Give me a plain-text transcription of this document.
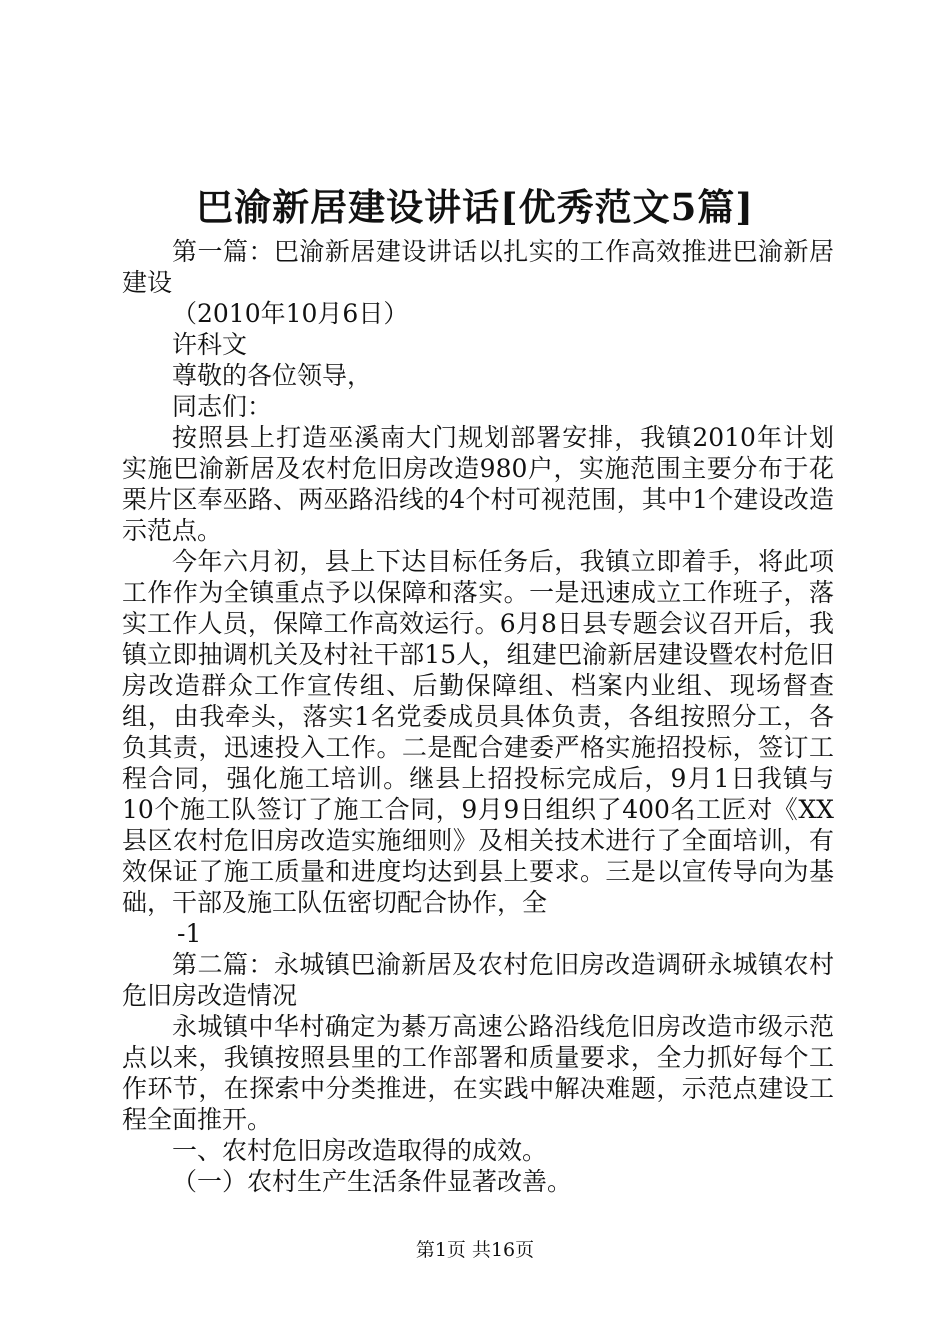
巴渝新居建设讲话[优秀范文5篇]

第一篇：巴渝新居建设讲话以扎实的工作高效推进巴渝新居建设

（2010年10月6日）

许科文

尊敬的各位领导，

同志们：

按照县上打造巫溪南大门规划部署安排，我镇2010年计划实施巴渝新居及农村危旧房改造980户，实施范围主要分布于花栗片区奉巫路、两巫路沿线的4个村可视范围，其中1个建设改造示范点。

今年六月初，县上下达目标任务后，我镇立即着手，将此项工作作为全镇重点予以保障和落实。一是迅速成立工作班子，落实工作人员，保障工作高效运行。6月8日县专题会议召开后，我镇立即抽调机关及村社干部15人，组建巴渝新居建设暨农村危旧房改造群众工作宣传组、后勤保障组、档案内业组、现场督查组，由我牵头，落实1名党委成员具体负责，各组按照分工，各负其责，迅速投入工作。二是配合建委严格实施招投标，签订工程合同，强化施工培训。继县上招投标完成后，9月1日我镇与10个施工队签订了施工合同，9月9日组织了400名工匠对《XX县区农村危旧房改造实施细则》及相关技术进行了全面培训，有效保证了施工质量和进度均达到县上要求。三是以宣传导向为基础，干部及施工队伍密切配合协作，全

-1

第二篇：永城镇巴渝新居及农村危旧房改造调研永城镇农村危旧房改造情况

永城镇中华村确定为綦万高速公路沿线危旧房改造市级示范点以来，我镇按照县里的工作部署和质量要求，全力抓好每个工作环节，在探索中分类推进，在实践中解决难题，示范点建设工程全面推开。

一、农村危旧房改造取得的成效。

（一）农村生产生活条件显著改善。

第1页 共16页
